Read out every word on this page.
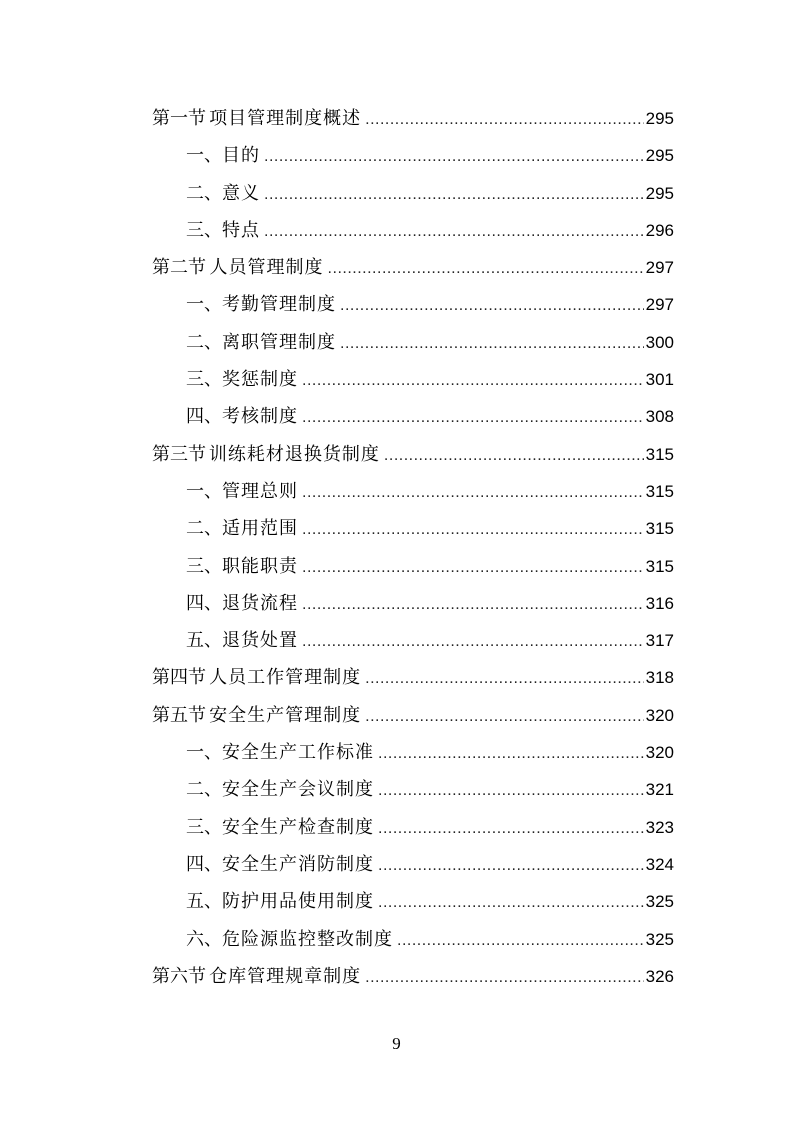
第一节 项目管理制度概述 .....	295
一、 目的 .....	295
二、 意义 .....	295
三、 特点 .....	296
第二节 人员管理制度 .....	297
一、 考勤管理制度 .....	297
二、 离职管理制度 .....	300
三、 奖惩制度 .....	301
四、 考核制度 .....	308
第三节 训练耗材退换货制度 .....	315
一、 管理总则 .....	315
二、 适用范围 .....	315
三、 职能职责 .....	315
四、 退货流程 .....	316
五、 退货处置 .....	317
第四节 人员工作管理制度 .....	318
第五节 安全生产管理制度 .....	320
一、 安全生产工作标准 .....	320
二、 安全生产会议制度 .....	321
三、 安全生产检查制度 .....	323
四、 安全生产消防制度 .....	324
五、 防护用品使用制度 .....	325
六、 危险源监控整改制度 .....	325
第六节 仓库管理规章制度 .....	326
9
